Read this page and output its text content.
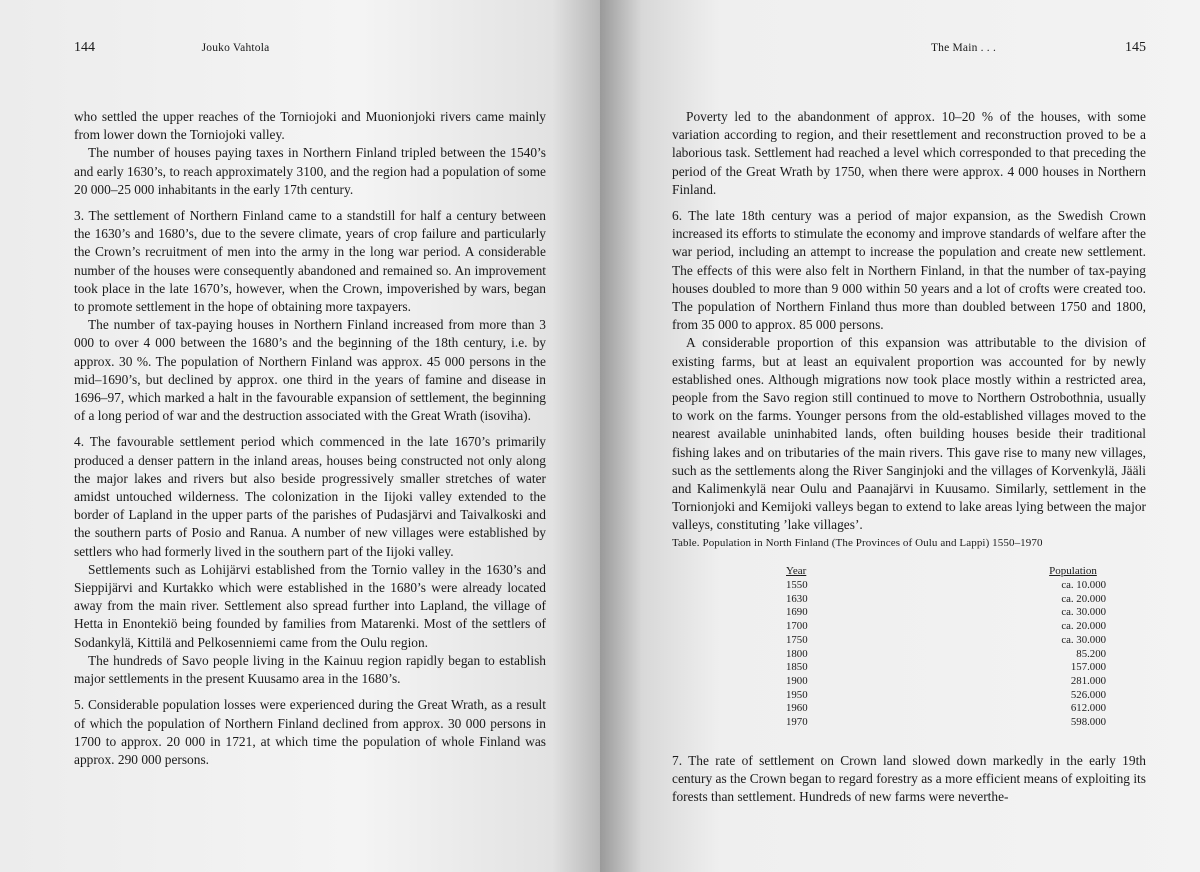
144	Jouko Vahtola

who settled the upper reaches of the Torniojoki and Muonionjoki rivers came mainly from lower down the Torniojoki valley.

The number of houses paying taxes in Northern Finland tripled between the 1540’s and early 1630’s, to reach approximately 3100, and the region had a population of some 20 000–25 000 inhabitants in the early 17th century.

3. The settlement of Northern Finland came to a standstill for half a century between the 1630’s and 1680’s, due to the severe climate, years of crop failure and particularly the Crown’s recruitment of men into the army in the long war period. A considerable number of the houses were consequently abandoned and remained so. An improvement took place in the late 1670’s, however, when the Crown, impoverished by wars, began to promote settlement in the hope of obtaining more taxpayers.

The number of tax-paying houses in Northern Finland increased from more than 3 000 to over 4 000 between the 1680’s and the beginning of the 18th century, i.e. by approx. 30 %. The population of Northern Finland was approx. 45 000 persons in the mid–1690’s, but declined by approx. one third in the years of famine and disease in 1696–97, which marked a halt in the favourable expansion of settlement, the beginning of a long period of war and the destruction associated with the Great Wrath (isoviha).

4. The favourable settlement period which commenced in the late 1670’s primarily produced a denser pattern in the inland areas, houses being constructed not only along the major lakes and rivers but also beside progressively smaller stretches of water amidst untouched wilderness. The colonization in the Iijoki valley extended to the border of Lapland in the upper parts of the parishes of Pudasjärvi and Taivalkoski and the southern parts of Posio and Ranua. A number of new villages were established by settlers who had formerly lived in the southern part of the Iijoki valley.

Settlements such as Lohijärvi established from the Tornio valley in the 1630’s and Sieppijärvi and Kurtakko which were established in the 1680’s were already located away from the main river. Settlement also spread further into Lapland, the village of Hetta in Enontekiö being founded by families from Matarenki. Most of the settlers of Sodankylä, Kittilä and Pelkosenniemi came from the Oulu region.

The hundreds of Savo people living in the Kainuu region rapidly began to establish major settlements in the present Kuusamo area in the 1680’s.

5. Considerable population losses were experienced during the Great Wrath, as a result of which the population of Northern Finland declined from approx. 30 000 persons in 1700 to approx. 20 000 in 1721, at which time the population of whole Finland was approx. 290 000 persons.

The Main . . .	145

Poverty led to the abandonment of approx. 10–20 % of the houses, with some variation according to region, and their resettlement and reconstruction proved to be a laborious task. Settlement had reached a level which corresponded to that preceding the period of the Great Wrath by 1750, when there were approx. 4 000 houses in Northern Finland.

6. The late 18th century was a period of major expansion, as the Swedish Crown increased its efforts to stimulate the economy and improve standards of welfare after the war period, including an attempt to increase the population and create new settlement. The effects of this were also felt in Northern Finland, in that the number of tax-paying houses doubled to more than 9 000 within 50 years and a lot of crofts were created too. The population of Northern Finland thus more than doubled between 1750 and 1800, from 35 000 to approx. 85 000 persons.

A considerable proportion of this expansion was attributable to the division of existing farms, but at least an equivalent proportion was accounted for by newly established ones. Although migrations now took place mostly within a restricted area, people from the Savo region still continued to move to Northern Ostrobothnia, usually to work on the farms. Younger persons from the old-established villages moved to the nearest available uninhabited lands, often building houses beside their traditional fishing lakes and on tributaries of the main rivers. This gave rise to many new villages, such as the settlements along the River Sanginjoki and the villages of Korvenkylä, Jääli and Kalimenkylä near Oulu and Paanajärvi in Kuusamo. Similarly, settlement in the Tornionjoki and Kemijoki valleys began to extend to lake areas lying between the major valleys, constituting ’lake villages’.

Table. Population in North Finland (The Provinces of Oulu and Lappi) 1550–1970
Year
1550
1630
1690
1700
1750
1800
1850
1900
1950
1960
1970
Population
ca. 10.000
ca. 20.000
ca. 30.000
ca. 20.000
ca. 30.000
85.200
157.000
281.000
526.000
612.000
598.000

7. The rate of settlement on Crown land slowed down markedly in the early 19th century as the Crown began to regard forestry as a more efficient means of exploiting its forests than settlement. Hundreds of new farms were neverthe-
